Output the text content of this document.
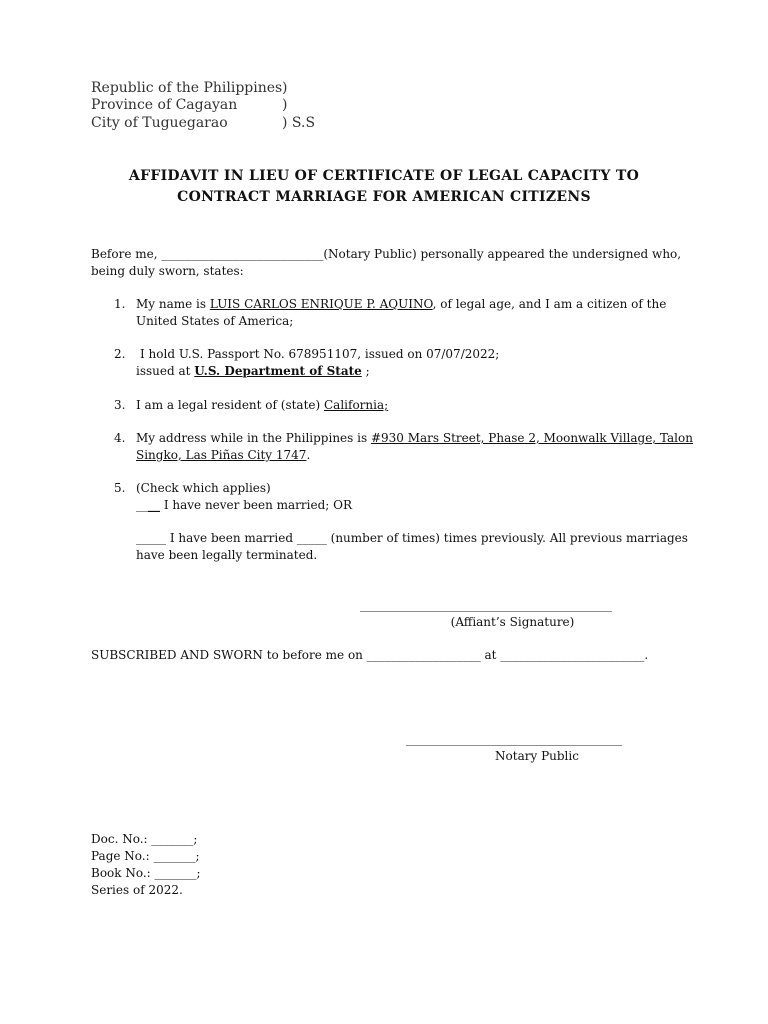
Republic of the Philippines )
Province of Cagayan	)
City of Tuguegarao	) S.S
AFFIDAVIT IN LIEU OF CERTIFICATE OF LEGAL CAPACITY TO
CONTRACT MARRIAGE FOR AMERICAN CITIZENS
Before me, ___________________________(Notary Public) personally appeared the undersigned who,
being duly sworn, states:
1. My name is LUIS CARLOS ENRIQUE P. AQUINO, of legal age, and I am a citizen of the
United States of America;
2. I hold U.S. Passport No. 678951107, issued on 07/07/2022;
issued at U.S. Department of State ;
3. I am a legal resident of (state) California;
4. My address while in the Philippines is #930 Mars Street, Phase 2, Moonwalk Village, Talon
Singko, Las Piñas City 1747.
5. (Check which applies)
____ I have never been married; OR
_____ I have been married _____ (number of times) times previously. All previous marriages
have been legally terminated.
__________________________________________
(Affiant’s Signature)
SUBSCRIBED AND SWORN to before me on ___________________ at ________________________.
____________________________________
Notary Public
Doc. No.: _______;
Page No.: _______;
Book No.: _______;
Series of 2022.
